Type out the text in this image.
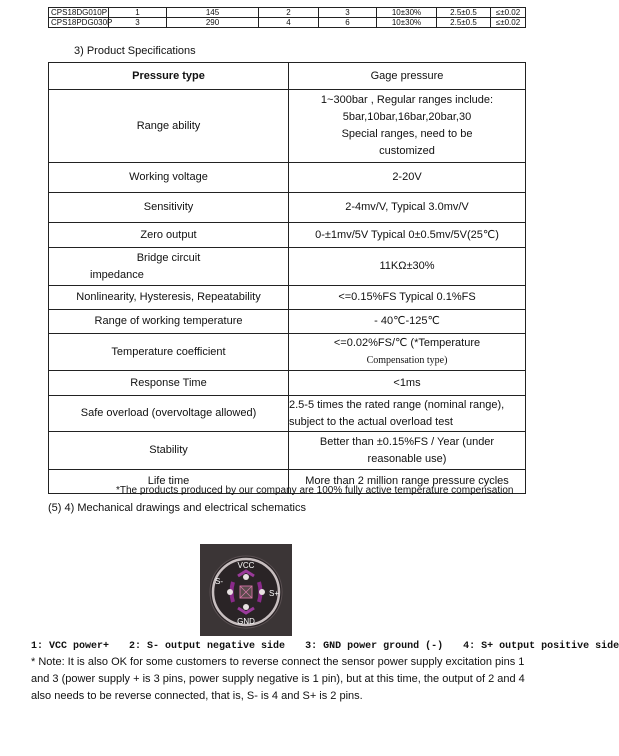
CPS18DG010P	1	145	2	3	10±30%	2.5±0.5	≤±0.02
CPS18PDG030P	3	290	4	6	10±30%	2.5±0.5	≤±0.02
3) Product Specifications
Pressure type	Gage pressure
Range ability	1~300bar , Regular ranges include:
5bar,10bar,16bar,20bar,30
Special ranges, need to be
customized

Working voltage	2-20V
Sensitivity	2-4mv/V, Typical 3.0mv/V
Zero output	0-±1mv/5V Typical 0±0.5mv/5V(25℃)

Bridge circuit
impedance	11KΩ±30%
Nonlinearity, Hysteresis, Repeatability	<=0.15%FS Typical 0.1%FS
Range of working temperature	- 40℃-125℃
Temperature coefficient	<=0.02%FS/℃ (*Temperature
Compensation type)

Response Time	<1ms
Safe overload (overvoltage allowed)	2.5-5 times the rated range (nominal range),
subject to the actual overload test

Stability	Better than ±0.15%FS / Year (under
reasonable use)

Life time	More than 2 million range pressure cycles
*The products produced by our company are 100% fully active temperature compensation
(5) 4) Mechanical drawings and electrical schematics
VCC
GND
S-
S+
1: VCC power+ 2: S- output negative side 3: GND power ground (-) 4: S+ output positive side
* Note: It is also OK for some customers to reverse connect the sensor power supply excitation pins 1 and 3 (power supply + is 3 pins, power supply negative is 1 pin), but at this time, the output of 2 and 4 also needs to be reverse connected, that is, S- is 4 and S+ is 2 pins.
